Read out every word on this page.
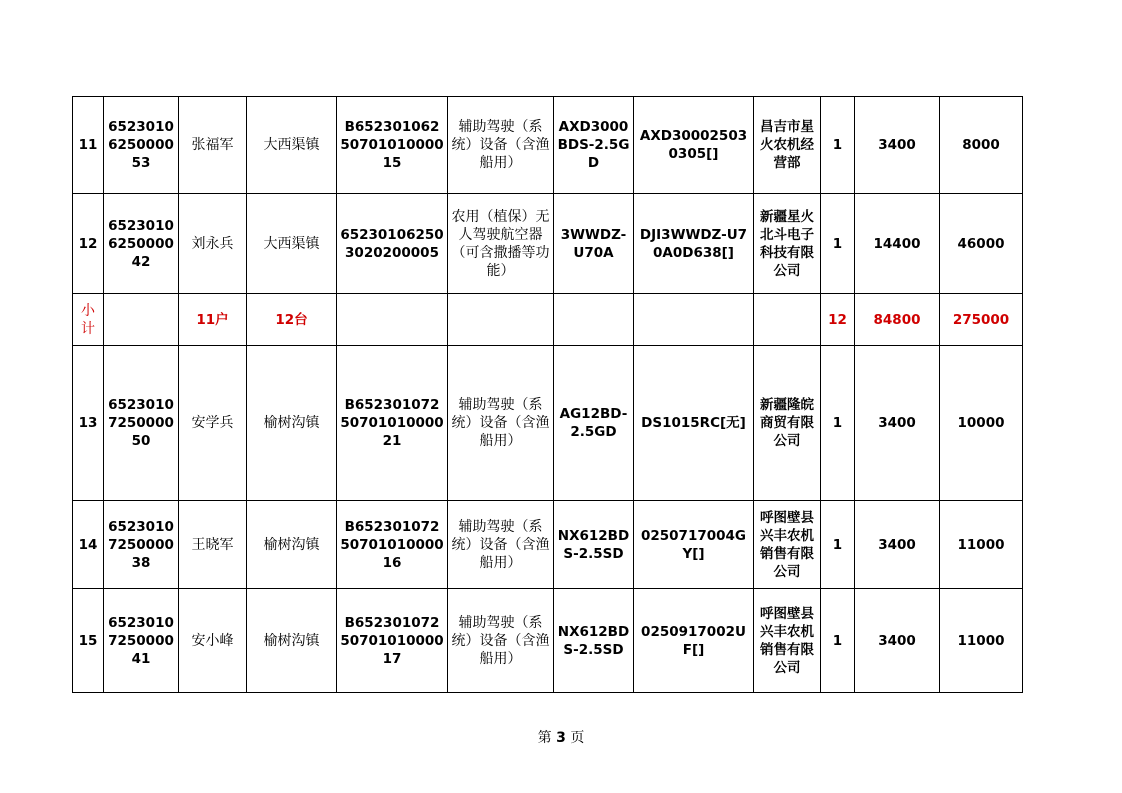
11	6523010625000053	张福军	大西渠镇	B6523010625070101000015	辅助驾驶（系统）设备（含渔船用）	AXD3000BDS-2.5GD	AXD300025030305[]	昌吉市星火农机经营部	1	3400	8000
12	6523010625000042	刘永兵	大西渠镇	652301062503020200005	农用（植保）无人驾驶航空器（可含撒播等功能）	3WWDZ-U70A	DJI3WWDZ-U70A0D638[]	新疆星火北斗电子科技有限公司	1	14400	46000
小计		11户	12台						12	84800	275000
13	6523010725000050	安学兵	榆树沟镇	B6523010725070101000021	辅助驾驶（系统）设备（含渔船用）	AG12BD-2.5GD	DS1015RC[无]	新疆隆皖商贸有限公司	1	3400	10000
14	6523010725000038	王晓军	榆树沟镇	B6523010725070101000016	辅助驾驶（系统）设备（含渔船用）	NX612BDS-2.5SD	0250717004GY[]	呼图壁县兴丰农机销售有限公司	1	3400	11000
15	6523010725000041	安小峰	榆树沟镇	B6523010725070101000017	辅助驾驶（系统）设备（含渔船用）	NX612BDS-2.5SD	0250917002UF[]	呼图壁县兴丰农机销售有限公司	1	3400	11000
第 3 页
